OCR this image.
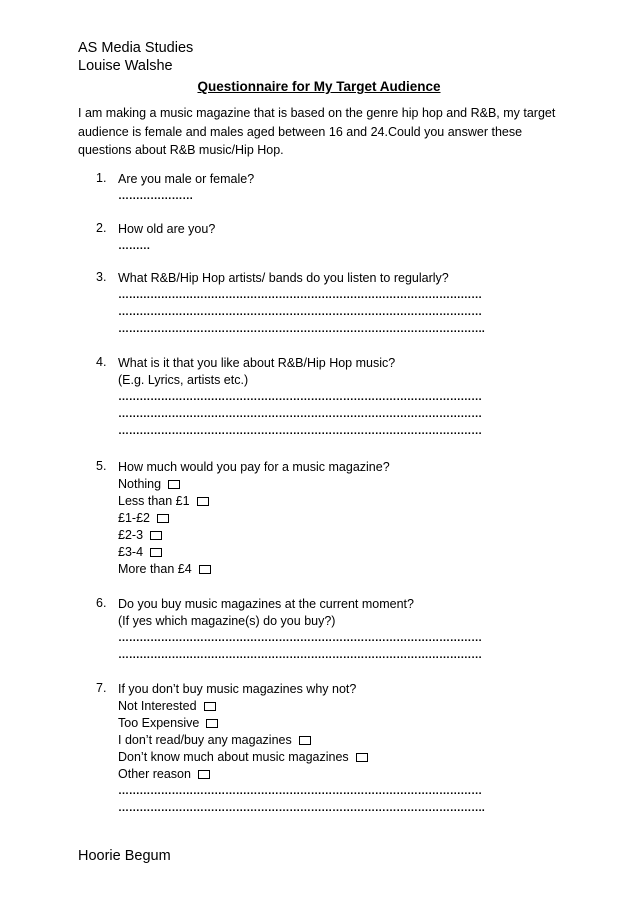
AS Media Studies
Louise Walshe
Questionnaire for My Target Audience
I am making a music magazine that is based on the genre hip hop and R&B, my target audience is female and males aged between 16 and 24.Could you answer these questions about R&B music/Hip Hop.
1. Are you male or female?
…………………
2. How old are you?
………
3. What R&B/Hip Hop artists/ bands do you listen to regularly?
…………………………………………………………………………………………
…………………………………………………………………………………………
………………………………………………………………………………………….
4. What is it that you like about R&B/Hip Hop music?
(E.g. Lyrics, artists etc.)
…………………………………………………………………………………………
…………………………………………………………………………………………
…………………………………………………………………………………………
5. How much would you pay for a music magazine?
Nothing
Less than £1
£1-£2
£2-3
£3-4
More than £4
6. Do you buy music magazines at the current moment?
(If yes which magazine(s) do you buy?)
…………………………………………………………………………………………
…………………………………………………………………………………………
7. If you don’t buy music magazines why not?
Not Interested
Too Expensive
I don’t read/buy any magazines
Don’t know much about music magazines
Other reason
…………………………………………………………………………………………
………………………………………………………………………………………….
Hoorie Begum
